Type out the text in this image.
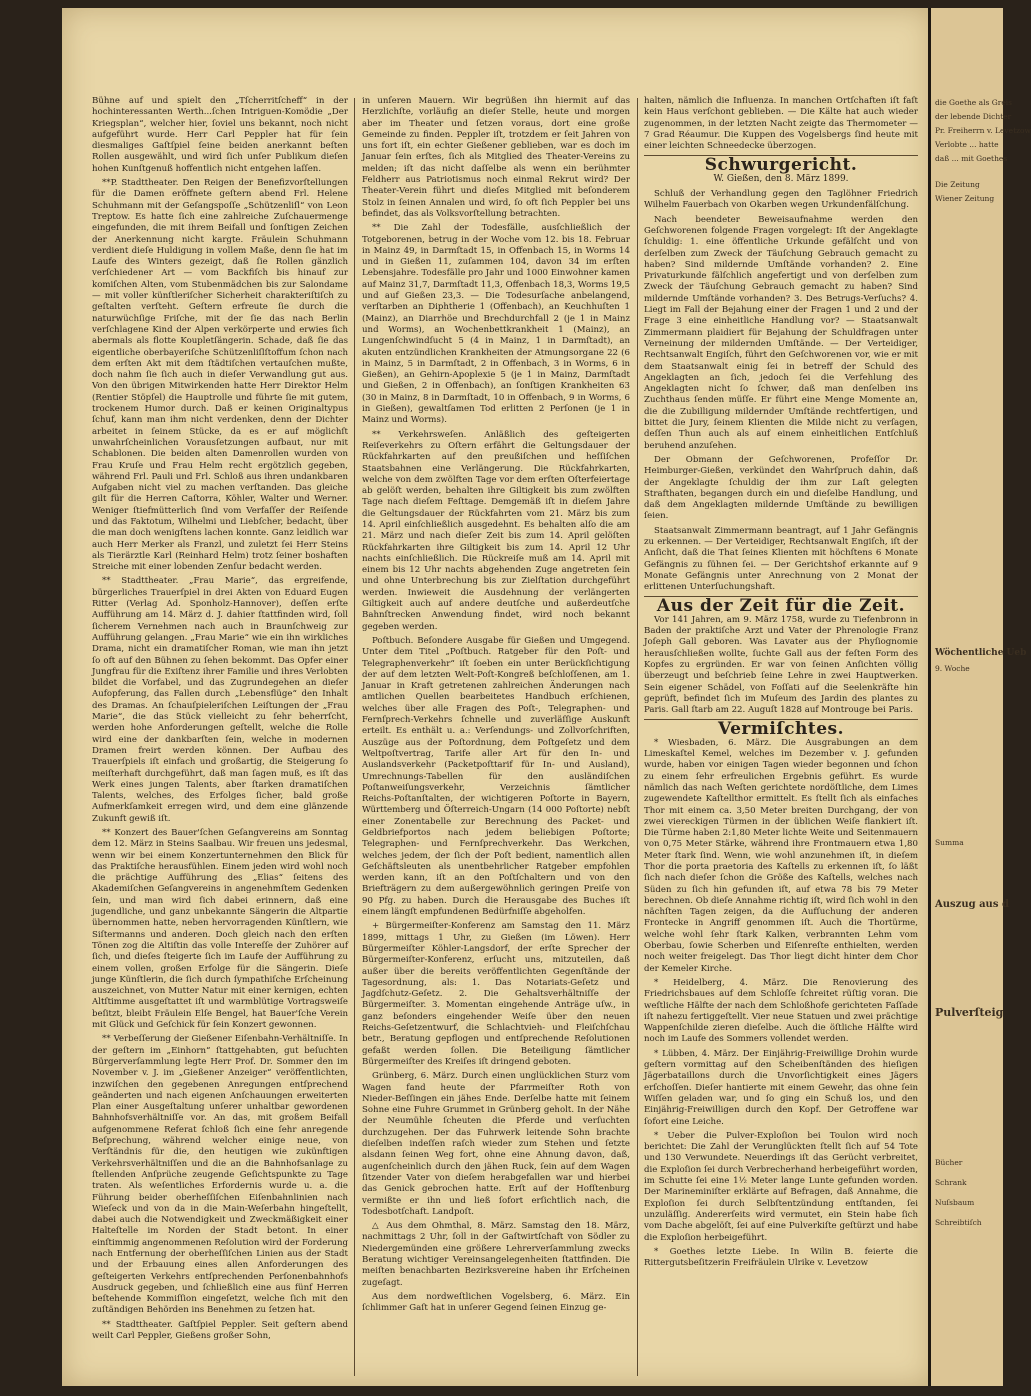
Bühne auf und spielt den „Tſcherritſcheff“ in der hochinteressanten Werth...ſchen Intriguen‑Komödie „Der Kriegsplan“, welcher hier, ſoviel uns bekannt, noch nicht aufgeführt wurde. Herr Carl Peppler hat für ſein diesmaliges Gaſtſpiel ſeine beiden anerkannt beſten Rollen ausgewählt, und wird ſich unſer Publikum dieſen hohen Kunſtgenuß hoffentlich nicht entgehen laſſen.

**P. Stadttheater. Den Reigen der Benefizvorſtellungen für die Damen eröffnete geſtern abend Frl. Helene Schuhmann mit der Geſangspoſſe „Schützenliſl“ von Leon Treptow. Es hatte ſich eine zahlreiche Zuſchauermenge eingefunden, die mit ihrem Beifall und ſonſtigen Zeichen der Anerkennung nicht kargte. Fräulein Schuhmann verdient dieſe Huldigung in vollem Maße, denn ſie hat im Laufe des Winters gezeigt, daß ſie Rollen gänzlich verſchiedener Art — vom Backfiſch bis hinauf zur komiſchen Alten, vom Stubenmädchen bis zur Salondame — mit voller künſtleriſcher Sicherheit charakteriſtiſch zu geſtalten verſteht. Geſtern erfreute ſie durch die naturwüchſige Friſche, mit der ſie das nach Berlin verſchlagene Kind der Alpen verkörperte und erwies ſich abermals als flotte Koupletſängerin. Schade, daß ſie das eigentliche oberbayeriſche Schützenliſlſtoffum ſchon nach dem erſten Akt mit dem ſtädtiſchen vertauſchen mußte, doch nahm ſie ſich auch in dieſer Verwandlung gut aus. Von den übrigen Mitwirkenden hatte Herr Direktor Helm (Rentier Stöpſel) die Hauptrolle und führte ſie mit gutem, trockenem Humor durch. Daß er keinen Originaltypus ſchuf, kann man ihm nicht verdenken, denn der Dichter arbeitet in ſeinem Stücke, da es er auf möglichſt unwahrſcheinlichen Vorausſetzungen aufbaut, nur mit Schablonen. Die beiden alten Damenrollen wurden von Frau Kruſe und Frau Helm recht ergötzlich gegeben, während Frl. Pauli und Frl. Schloß aus ihren undankbaren Aufgaben nicht viel zu machen verſtanden. Das gleiche gilt für die Herren Caſtorra, Köhler, Walter und Werner. Weniger ſtiefmütterlich ſind vom Verfaſſer der Reiſende und das Faktotum, Wilhelmi und Liebſcher, bedacht, über die man doch wenigſtens lachen konnte. Ganz leidlich war auch Herr Merker als Franzl, und zuletzt ſei Herr Steins als Tierärztle Karl (Reinhard Helm) trotz ſeiner boshaften Streiche mit einer lobenden Zenſur bedacht werden.

** Stadttheater. „Frau Marie“, das ergreifende, bürgerliches Trauerſpiel in drei Akten von Eduard Eugen Ritter (Verlag Ad. Sponholz‑Hannover), deſſen erſte Aufführung am 14. März d. J. dahier ſtattfinden wird, ſoll ſicherem Vernehmen nach auch in Braunſchweig zur Aufführung gelangen. „Frau Marie“ wie ein ihn wirkliches Drama, nicht ein dramatiſcher Roman, wie man ihn jetzt ſo oft auf den Bühnen zu ſehen bekommt. Das Opfer einer Jungfrau für die Exiſtenz ihrer Familie und ihres Verlobten bildet die Vorfabel, und das Zugrundegehen an dieſer Aufopferung, das Fallen durch „Lebensflüge“ den Inhalt des Dramas. An ſchauſpieleriſchen Leiſtungen der „Frau Marie“, die das Stück vielleicht zu ſehr beherrſcht, werden hohe Anforderungen geſtellt, welche die Rolle wird eine der dankbarſten ſein, welche in modernen Dramen freirt werden können. Der Aufbau des Trauerſpiels iſt einfach und großartig, die Steigerung ſo meiſterhaft durchgeführt, daß man ſagen muß, es iſt das Werk eines jungen Talents, aber ſtarken dramatiſchen Talents, welches, des Erfolges ſicher, bald große Aufmerkſamkeit erregen wird, und dem eine glänzende Zukunft gewiß iſt.

** Konzert des Bauer'ſchen Geſangvereins am Sonntag dem 12. März in Steins Saalbau. Wir freuen uns jedesmal, wenn wir bei einem Konzertunternehmen den Blick für das Praktiſche herausfühlen. Einem jeden wird wohl noch die prächtige Aufführung des „Elias“ ſeitens des Akademiſchen Geſangvereins in angenehmſtem Gedenken ſein, und man wird ſich dabei erinnern, daß eine jugendliche, und ganz unbekannte Sängerin die Altpartie übernommen hatte, neben hervorragenden Künſtlern, wie Siſtermanns und anderen. Doch gleich nach den erſten Tönen zog die Altiſtin das volle Intereſſe der Zuhörer auf ſich, und dieſes ſteigerte ſich im Laufe der Aufführung zu einem vollen, großen Erfolge für die Sängerin. Dieſe junge Künſtlerin, die ſich durch ſympathiſche Erſcheinung auszeichnet, von Mutter Natur mit einer kernigen, echten Altſtimme ausgeſtattet iſt und warmblütige Vortragsweiſe beſitzt, bleibt Fräulein Elſe Bengel, hat Bauer'ſche Verein mit Glück und Geſchick für ſein Konzert gewonnen.

** Verbeſſerung der Gießener Eiſenbahn‑Verhältniſſe. In der geſtern im „Einhorn“ ſtattgehabten, gut beſuchten Bürgerverſammlung legte Herr Prof. Dr. Sommer den im November v. J. im „Gießener Anzeiger“ veröffentlichten, inzwiſchen den gegebenen Anregungen entſprechend geänderten und nach eigenen Anſchauungen erweiterten Plan einer Ausgeſtaltung unſerer unhaltbar gewordenen Bahnhofsverhältniſſe vor. An das, mit großem Beifall aufgenommene Referat ſchloß ſich eine ſehr anregende Beſprechung, während welcher einige neue, von Verſtändnis für die, den heutigen wie zukünftigen Verkehrsverhältniſſen und die an die Bahnhofsanlage zu ſtellenden Anſprüche zeugende Geſichtspunkte zu Tage traten. Als weſentliches Erfordernis wurde u. a. die Führung beider oberheſſiſchen Eiſenbahnlinien nach Wieſeck und von da in die Main‑Weſerbahn hingeſtellt, dabei auch die Notwendigkeit und Zweckmäßigkeit einer Halteſtelle im Norden der Stadt betont. In einer einſtimmig angenommenen Reſolution wird der Forderung nach Entfernung der oberheſſiſchen Linien aus der Stadt und der Erbauung eines allen Anforderungen des geſteigerten Verkehrs entſprechenden Perſonenbahnhofs Ausdruck gegeben, und ſchließlich eine aus fünf Herren beſtehende Kommiſſion eingeſetzt, welche ſich mit den zuſtändigen Behörden ins Benehmen zu ſetzen hat.

** Stadttheater. Gaſtſpiel Peppler. Seit geſtern abend weilt Carl Peppler, Gießens großer Sohn,

in unſeren Mauern. Wir begrüßen ihn hiermit auf das Herzlichſte, vorläufig an dieſer Stelle, heute und morgen aber im Theater und ſetzen voraus, dort eine große Gemeinde zu finden. Peppler iſt, trotzdem er ſeit Jahren von uns fort iſt, ein echter Gießener geblieben, war es doch im Januar ſein erſtes, ſich als Mitglied des Theater‑Vereins zu melden; iſt das nicht daſſelbe als wenn ein berühmter Feldherr aus Patriotismus noch einmal Rekrut wird? Der Theater‑Verein führt und dieſes Mitglied mit beſonderem Stolz in ſeinen Annalen und wird, ſo oft ſich Peppler bei uns befindet, das als Volksvorſtellung betrachten.

** Die Zahl der Todesfälle, ausſchließlich der Totgeborenen, betrug in der Woche vom 12. bis 18. Februar in Mainz 49, in Darmſtadt 15, in Offenbach 15, in Worms 14 und in Gießen 11, zuſammen 104, davon 34 im erſten Lebensjahre. Todesfälle pro Jahr und 1000 Einwohner kamen auf Mainz 31,7, Darmſtadt 11,3, Offenbach 18,3, Worms 19,5 und auf Gießen 23,3. — Die Todesurſache anbelangend, verſtarben an Diphtherie 1 (Offenbach), an Keuchhuſten 1 (Mainz), an Diarrhöe und Brechdurchfall 2 (je 1 in Mainz und Worms), an Wochenbettkrankheit 1 (Mainz), an Lungenſchwindſucht 5 (4 in Mainz, 1 in Darmſtadt), an akuten entzündlichen Krankheiten der Atmungsorgane 22 (6 in Mainz, 5 in Darmſtadt, 2 in Offenbach, 3 in Worms, 6 in Gießen), an Gehirn‑Apoplexie 5 (je 1 in Mainz, Darmſtadt und Gießen, 2 in Offenbach), an ſonſtigen Krankheiten 63 (30 in Mainz, 8 in Darmſtadt, 10 in Offenbach, 9 in Worms, 6 in Gießen), gewaltſamen Tod erlitten 2 Perſonen (je 1 in Mainz und Worms).

** Verkehrsweſen. Anläßlich des geſteigerten Reiſeverkehrs zu Oſtern erfährt die Geltungsdauer der Rückfahrkarten auf den preußiſchen und heſſiſchen Staatsbahnen eine Verlängerung. Die Rückfahrkarten, welche von dem zwölften Tage vor dem erſten Oſterfeiertage ab gelöſt werden, behalten ihre Giltigkeit bis zum zwölften Tage nach dieſem Feſttage. Demgemäß iſt in dieſem Jahre die Geltungsdauer der Rückfahrten vom 21. März bis zum 14. April einſchließlich ausgedehnt. Es behalten alſo die am 21. März und nach dieſer Zeit bis zum 14. April gelöſten Rückfahrkarten ihre Giltigkeit bis zum 14. April 12 Uhr nachts einſchließlich. Die Rückreiſe muß am 14. April mit einem bis 12 Uhr nachts abgehenden Zuge angetreten ſein und ohne Unterbrechung bis zur Zielſtation durchgeführt werden. Inwieweit die Ausdehnung der verlängerten Giltigkeit auch auf andere deutſche und außerdeutſche Bahnſtrecken Anwendung findet, wird noch bekannt gegeben werden.

Poſtbuch. Beſondere Ausgabe für Gießen und Umgegend. Unter dem Titel „Poſtbuch. Ratgeber für den Poſt‑ und Telegraphenverkehr“ iſt ſoeben ein unter Berückſichtigung der auf dem letzten Welt‑Poſt‑Kongreß beſchloſſenen, am 1. Januar in Kraft getretenen zahlreichen Änderungen nach amtlichen Quellen bearbeitetes Handbuch erſchienen, welches über alle Fragen des Poſt‑, Telegraphen‑ und Fernſprech‑Verkehrs ſchnelle und zuverläſſige Auskunft erteilt. Es enthält u. a.: Verſendungs‑ und Zollvorſchriften, Auszüge aus der Poſtordnung, dem Poſtgeſetz und dem Weltpoſtvertrag, Tarife aller Art für den In‑ und Auslandsverkehr (Packetpoſttarif für In‑ und Ausland), Umrechnungs‑Tabellen für den ausländiſchen Poſtanweiſungsverkehr, Verzeichnis ſämtlicher Reichs‑Poſtanſtalten, der wichtigeren Poſtorte in Bayern, Württemberg und Öſterreich‑Ungarn (14 000 Poſtorte) nebſt einer Zonentabelle zur Berechnung des Packet‑ und Geldbriefportos nach jedem beliebigen Poſtorte; Telegraphen‑ und Fernſprechverkehr. Das Werkchen, welches jedem, der ſich der Poſt bedient, namentlich allen Geſchäftsleuten als unentbehrlicher Ratgeber empfohlen werden kann, iſt an den Poſtſchaltern und von den Briefträgern zu dem außergewöhnlich geringen Preiſe von 90 Pfg. zu haben. Durch die Herausgabe des Buches iſt einem längſt empfundenen Bedürfniſſe abgeholfen.

+ Bürgermeiſter‑Konferenz am Samstag den 11. März 1899, mittags 1 Uhr, zu Gießen (im Löwen). Herr Bürgermeiſter Köhler‑Langsdorf, der erſte Sprecher der Bürgermeiſter‑Konferenz, erſucht uns, mitzuteilen, daß außer über die bereits veröffentlichten Gegenſtände der Tagesordnung, als: 1. Das Notariats‑Geſetz und Jagdſchutz‑Geſetz. 2. Die Gehaltsverhältniſſe der Bürgermeiſter. 3. Momentan eingehende Anträge uſw., in ganz beſonders eingehender Weiſe über den neuen Reichs‑Geſetzentwurf, die Schlachtvieh‑ und Fleiſchſchau betr., Beratung gepflogen und entſprechende Reſolutionen gefaßt werden ſollen. Die Beteiligung ſämtlicher Bürgermeiſter des Kreiſes iſt dringend geboten.

Grünberg, 6. März. Durch einen unglücklichen Sturz vom Wagen fand heute der Pfarrmeiſter Roth von Nieder‑Beſſingen ein jähes Ende. Derſelbe hatte mit ſeinem Sohne eine Fuhre Grummet in Grünberg geholt. In der Nähe der Neumühle ſcheuten die Pferde und verſuchten durchzugehen. Der das Fuhrwerk leitende Sohn brachte dieſelben indeſſen raſch wieder zum Stehen und ſetzte alsdann ſeinen Weg fort, ohne eine Ahnung davon, daß, augenſcheinlich durch den jähen Ruck, ſein auf dem Wagen ſitzender Vater von dieſem herabgefallen war und hierbei das Genick gebrochen hatte. Erſt auf der Hofſtenburg vermißte er ihn und ließ ſofort erſichtlich nach, die Todesbotſchaft. Landpoſt.

△ Aus dem Ohmthal, 8. März. Samstag den 18. März, nachmittags 2 Uhr, ſoll in der Gaſtwirtſchaft von Södler zu Niedergemünden eine größere Lehrerverſammlung zwecks Beratung wichtiger Vereinsangelegenheiten ſtattfinden. Die meiſten benachbarten Bezirksvereine haben ihr Erſcheinen zugeſagt.

Aus dem nordweſtlichen Vogelsberg, 6. März. Ein ſchlimmer Gaſt hat in unſerer Gegend ſeinen Einzug ge‑

halten, nämlich die Influenza. In manchen Ortſchaften iſt faſt kein Haus verſchont geblieben. — Die Kälte hat auch wieder zugenommen, in der letzten Nacht zeigte das Thermometer — 7 Grad Réaumur. Die Kuppen des Vogelsbergs ſind heute mit einer leichten Schneedecke überzogen.

Schwurgericht.
W. Gießen, den 8. März 1899.

Schluß der Verhandlung gegen den Taglöhner Friedrich Wilhelm Fauerbach von Okarben wegen Urkundenfälſchung.

Nach beendeter Beweisaufnahme werden den Geſchworenen folgende Fragen vorgelegt: Iſt der Angeklagte ſchuldig: 1. eine öffentliche Urkunde gefälſcht und von derſelben zum Zweck der Täuſchung Gebrauch gemacht zu haben? Sind mildernde Umſtände vorhanden? 2. Eine Privaturkunde fälſchlich angefertigt und von derſelben zum Zweck der Täuſchung Gebrauch gemacht zu haben? Sind mildernde Umſtände vorhanden? 3. Des Betrugs‑Verſuchs? 4. Liegt im Fall der Bejahung einer der Fragen 1 und 2 und der Frage 3 eine einheitliche Handlung vor? — Staatsanwalt Zimmermann plaidiert für Bejahung der Schuldfragen unter Verneinung der mildernden Umſtände. — Der Verteidiger, Rechtsanwalt Engiſch, führt den Geſchworenen vor, wie er mit dem Staatsanwalt einig ſei in betreff der Schuld des Angeklagten an ſich, jedoch ſei die Verfehlung des Angeklagten nicht ſo ſchwer, daß man denſelben ins Zuchthaus ſenden müſſe. Er führt eine Menge Momente an, die die Zubilligung mildernder Umſtände rechtfertigen, und bittet die Jury, ſeinem Klienten die Milde nicht zu verſagen, deſſen Thun auch als auf einem einheitlichen Entſchluß beruhend anzuſehen.

Der Obmann der Geſchworenen, Profeſſor Dr. Heimburger‑Gießen, verkündet den Wahrſpruch dahin, daß der Angeklagte ſchuldig der ihm zur Laſt gelegten Strafthaten, begangen durch ein und dieſelbe Handlung, und daß dem Angeklagten mildernde Umſtände zu bewilligen ſeien.

Staatsanwalt Zimmermann beantragt, auf 1 Jahr Gefängnis zu erkennen. — Der Verteidiger, Rechtsanwalt Engiſch, iſt der Anſicht, daß die That ſeines Klienten mit höchſtens 6 Monate Gefängnis zu ſühnen ſei. — Der Gerichtshof erkannte auf 9 Monate Gefängnis unter Anrechnung von 2 Monat der erlittenen Unterſuchungshaft.

Aus der Zeit für die Zeit.

Vor 141 Jahren, am 9. März 1758, wurde zu Tiefenbronn in Baden der praktiſche Arzt und Vater der Phrenologie Franz Joſeph Gall geboren. Was Lavater aus der Phyſiognomie herausſchließen wollte, ſuchte Gall aus der feſten Form des Kopfes zu ergründen. Er war von ſeinen Anſichten völlig überzeugt und beſchrieb ſeine Lehre in zwei Hauptwerken. Sein eigener Schädel, von Foſſati auf die Seelenkräfte hin geprüft, befindet ſich im Muſeum des Jardin des plantes zu Paris. Gall ſtarb am 22. Auguſt 1828 auf Montrouge bei Paris.

Vermiſchtes.

* Wiesbaden, 6. März. Die Ausgrabungen an dem Limeskaſtel Kemel, welches im Dezember v. J. gefunden wurde, haben vor einigen Tagen wieder begonnen und ſchon zu einem ſehr erfreulichen Ergebnis geführt. Es wurde nämlich das nach Weſten gerichtete nordöſtliche, dem Limes zugewendete Kaſtellthor ermittelt. Es ſtellt ſich als einfaches Thor mit einem ca. 3,50 Meter breiten Durchgang, der von zwei viereckigen Türmen in der üblichen Weiſe flankiert iſt. Die Türme haben 2:1,80 Meter lichte Weite und Seitenmauern von 0,75 Meter Stärke, während ihre Frontmauern etwa 1,80 Meter ſtark ſind. Wenn, wie wohl anzunehmen iſt, in dieſem Thor die porta praetoria des Kaſtells zu erkennen iſt, ſo läßt ſich nach dieſer ſchon die Größe des Kaſtells, welches nach Süden zu ſich hin gefunden iſt, auf etwa 78 bis 79 Meter berechnen. Ob dieſe Annahme richtig iſt, wird ſich wohl in den nächſten Tagen zeigen, da die Aufſuchung der anderen Frontecke in Angriff genommen iſt. Auch die Thortürme, welche wohl ſehr ſtark Kalken, verbrannten Lehm vom Oberbau, ſowie Scherben und Eiſenreſte enthielten, werden noch weiter freigelegt. Das Thor liegt dicht hinter dem Chor der Kemeler Kirche.

* Heidelberg, 4. März. Die Renovierung des Friedrichsbaues auf dem Schloſſe ſchreitet rüſtig voran. Die weſtliche Hälfte der nach dem Schloßhofe gerichteten Faſſade iſt nahezu fertiggeſtellt. Vier neue Statuen und zwei prächtige Wappenſchilde zieren dieſelbe. Auch die öſtliche Hälfte wird noch im Laufe des Sommers vollendet werden.

* Lübben, 4. März. Der Einjährig‑Freiwillige Drohin wurde geſtern vormittag auf den Scheibenſtänden des hieſigen Jägerbataillons durch die Unvorſichtigkeit eines Jägers erſchoſſen. Dieſer hantierte mit einem Gewehr, das ohne ſein Wiſſen geladen war, und ſo ging ein Schuß los, und den Einjährig‑Freiwilligen durch den Kopf. Der Getroffene war ſofort eine Leiche.

* Ueber die Pulver‑Exploſion bei Toulon wird noch berichtet: Die Zahl der Verunglückten ſtellt ſich auf 54 Tote und 130 Verwundete. Neuerdings iſt das Gerücht verbreitet, die Exploſion ſei durch Verbrecherhand herbeigeführt worden, im Schutte ſei eine 1½ Meter lange Lunte gefunden worden. Der Marineminiſter erklärte auf Befragen, daß Annahme, die Exploſion ſei durch Selbſtentzündung entſtanden, ſei unzuläſſig. Andererſeits wird vermutet, ein Stein habe ſich vom Dache abgelöſt, ſei auf eine Pulverkiſte geſtürzt und habe die Exploſion herbeigeführt.

* Goethes letzte Liebe. In Wilin B. feierte die Rittergutsbeſitzerin Freifräulein Ulrike v. Levetzow

die Goethe als Greis
der lebende Dichter
Pr. Freiherrn v. Levetzow
Verlobte ... hatte
daß ... mit Goethes
Die Zeitung
Wiener Zeitung
Wöchentliche Ueb
9. Woche
Summa
Auszug aus d
Pulverſteig
Bücher
Schrank
Nuſsbaum
Schreibtiſch
